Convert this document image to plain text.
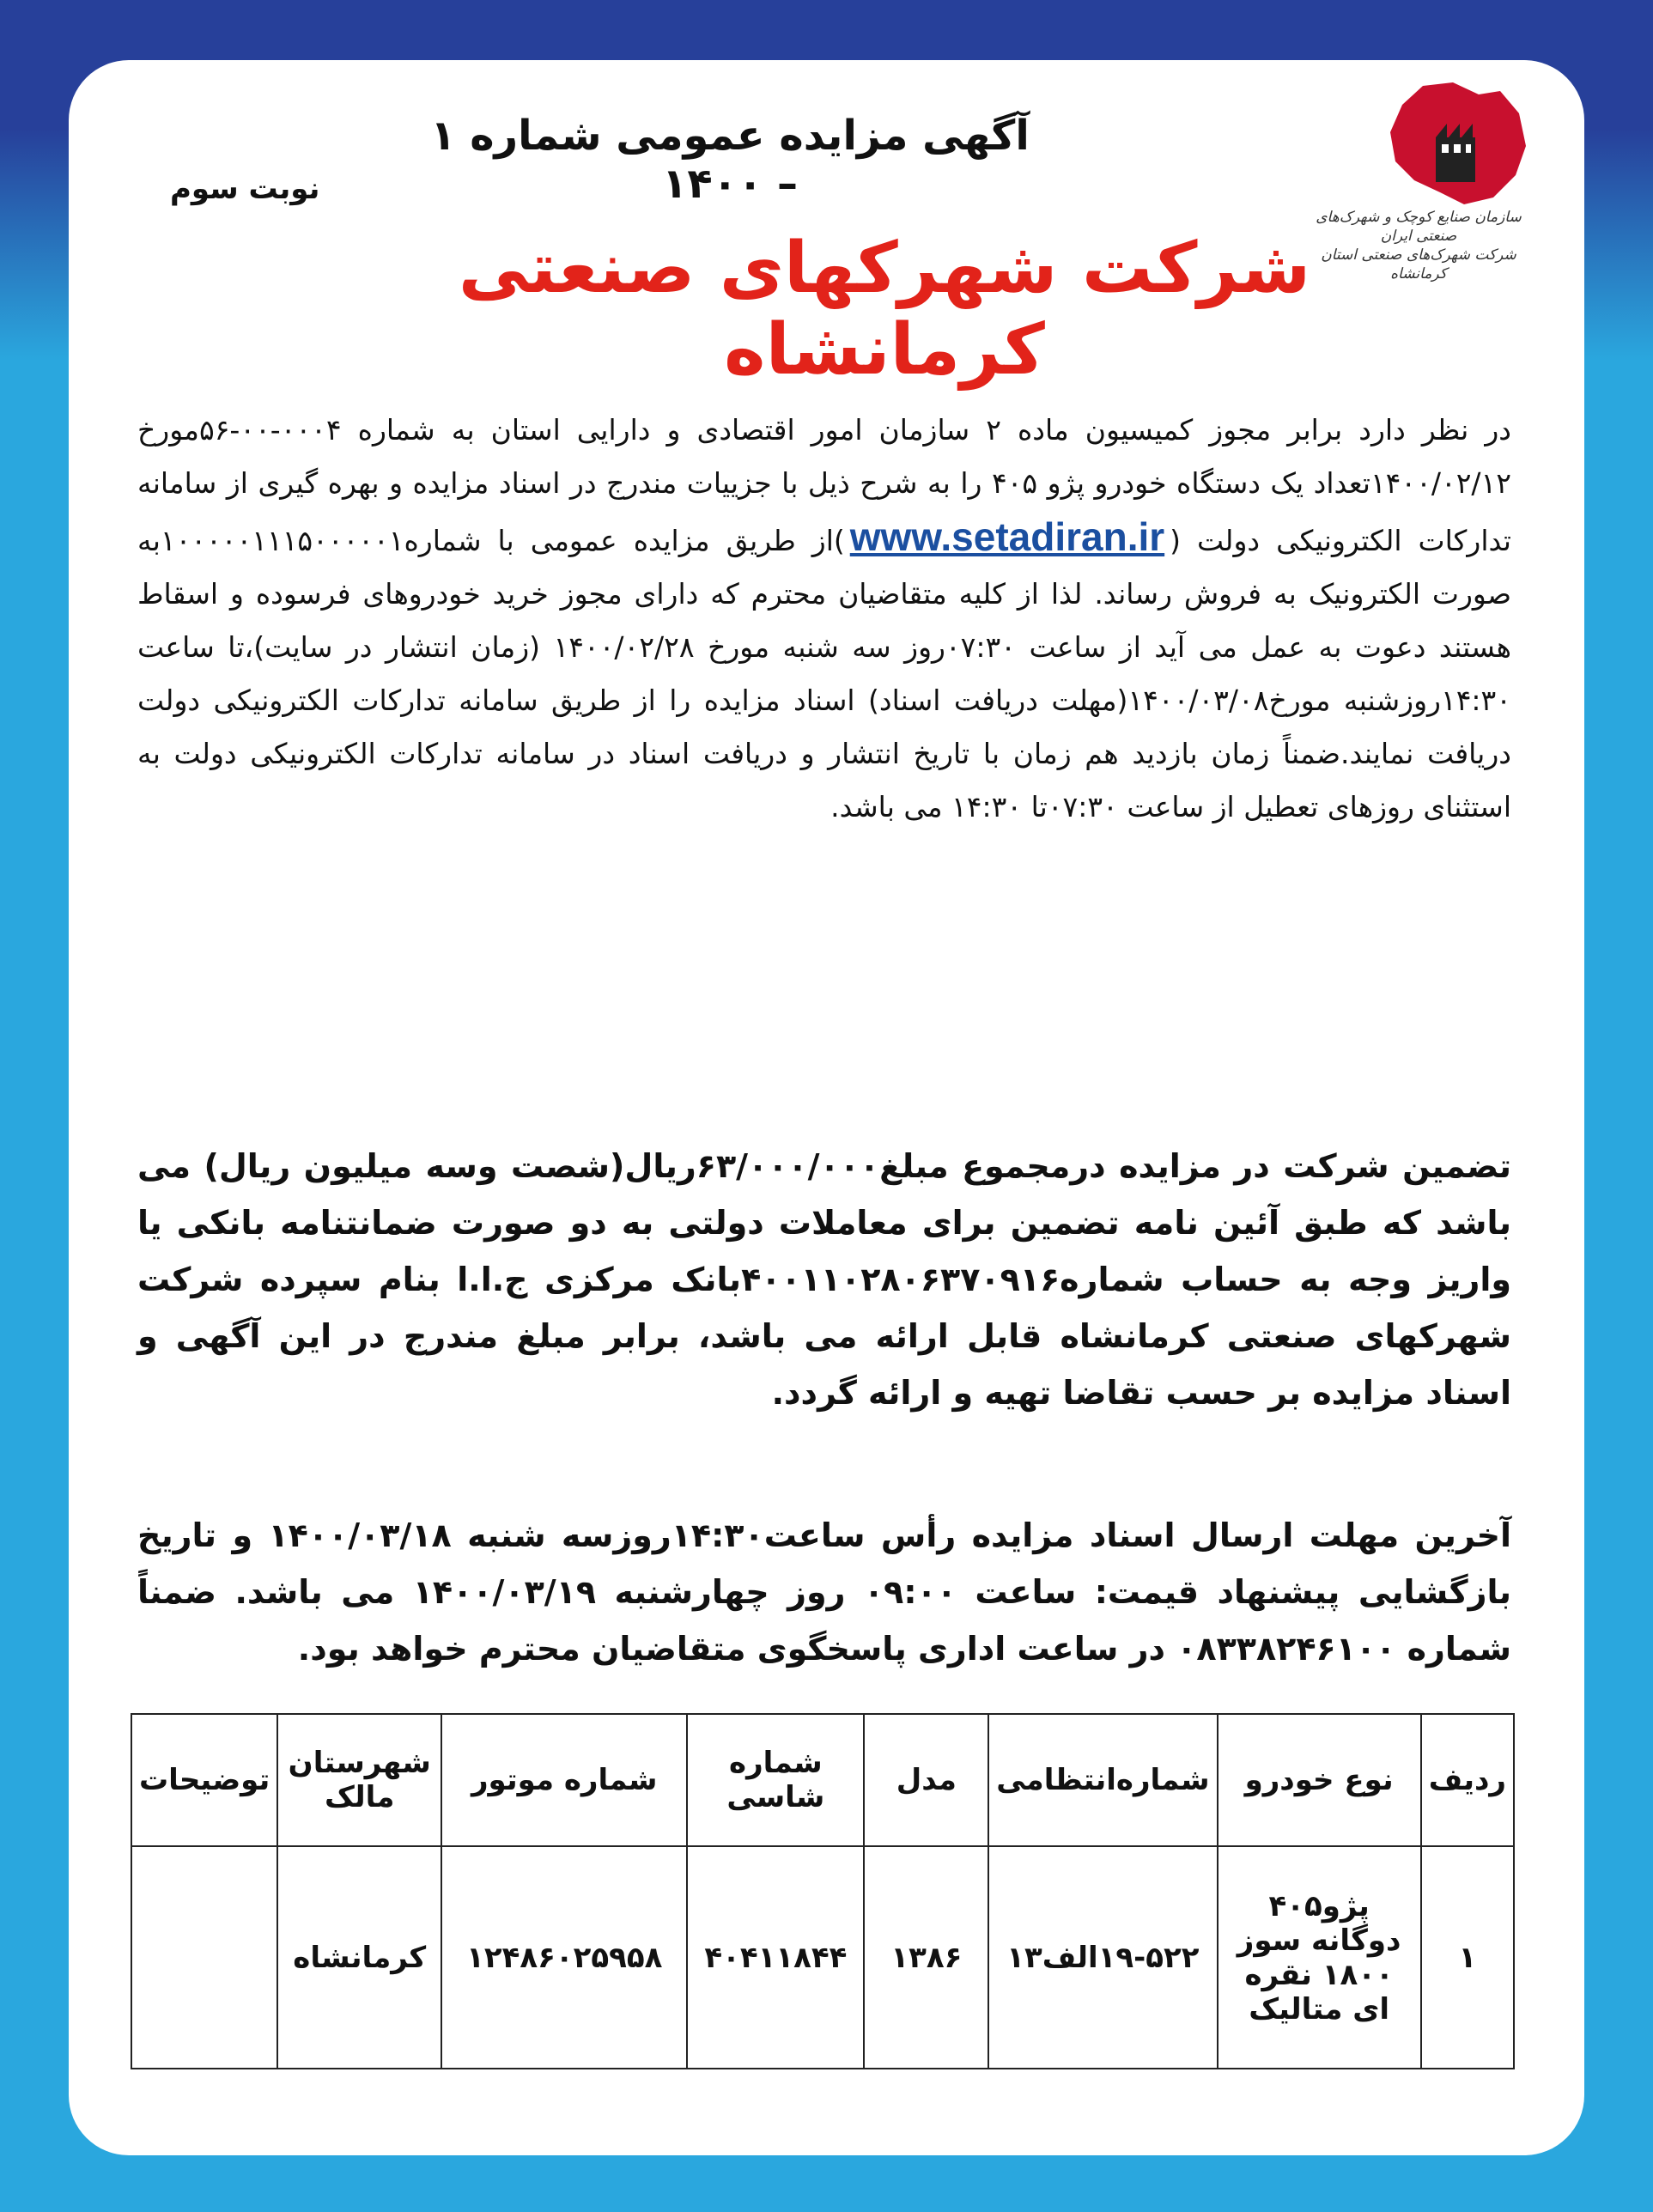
سازمان صنایع کوچک و شهرک‌های صنعتی ایران
شرکت شهرک‌های صنعتی استان کرمانشاه
آگهی مزایده عمومی شماره ۱ – ۱۴۰۰
نوبت سوم
شرکت شهرکهای صنعتی کرمانشاه
در نظر دارد برابر مجوز کمیسیون ماده ۲ سازمان امور اقتصادی و دارایی استان به شماره ۰۰۰۴-۰۰-۵۶مورخ ۱۴۰۰/۰۲/۱۲تعداد یک دستگاه خودرو پژو ۴۰۵ را به شرح ذیل با جزییات مندرج در اسناد مزایده و بهره گیری از سامانه تدارکات الکترونیکی دولت (www.setadiran.ir)از طریق مزایده عمومی با شماره۱۰۰۰۰۰۱۱۱۵۰۰۰۰۰۱به صورت الکترونیک به فروش رساند. لذا از کلیه متقاضیان محترم که دارای مجوز خرید خودروهای فرسوده و اسقاط هستند دعوت به عمل می آید از ساعت ۰۷:۳۰روز سه شنبه مورخ ۱۴۰۰/۰۲/۲۸ (زمان انتشار در سایت)،تا ساعت ۱۴:۳۰روزشنبه مورخ۱۴۰۰/۰۳/۰۸(مهلت دریافت اسناد) اسناد مزایده را از طریق سامانه تدارکات الکترونیکی دولت دریافت نمایند.ضمناً زمان بازدید هم زمان با تاریخ انتشار و دریافت اسناد در سامانه تدارکات الکترونیکی دولت به استثنای روزهای تعطیل از ساعت ۰۷:۳۰تا ۱۴:۳۰ می باشد.
تضمین شرکت در مزایده درمجموع مبلغ۶۳/۰۰۰/۰۰۰ریال(شصت وسه میلیون ریال) می باشد که طبق آئین نامه تضمین برای معاملات دولتی به دو صورت ضمانتنامه بانکی یا واریز وجه به حساب شماره۴۰۰۱۱۰۲۸۰۶۳۷۰۹۱۶بانک مرکزی ج.ا.ا بنام سپرده شرکت شهرکهای صنعتی کرمانشاه قابل ارائه می باشد، برابر مبلغ مندرج در این آگهی و اسناد مزایده بر حسب تقاضا تهیه و ارائه گردد.
آخرین مهلت ارسال اسناد مزایده رأس ساعت۱۴:۳۰روزسه شنبه ۱۴۰۰/۰۳/۱۸ و تاریخ بازگشایی پیشنهاد قیمت: ساعت ۰۹:۰۰ روز چهارشنبه ۱۴۰۰/۰۳/۱۹ می باشد. ضمناً شماره ۰۸۳۳۸۲۴۶۱۰۰ در ساعت اداری پاسخگوی متقاضیان محترم خواهد بود.
ردیف	نوع خودرو	شماره‌انتظامی	مدل	شماره شاسی	شماره موتور	شهرستان مالک	توضیحات
۱	پژو۴۰۵ دوگانه سوز ۱۸۰۰ نقره ای متالیک	۱۹-۵۲۲الف۱۳	۱۳۸۶	۴۰۴۱۱۸۴۴	۱۲۴۸۶۰۲۵۹۵۸	کرمانشاه	
